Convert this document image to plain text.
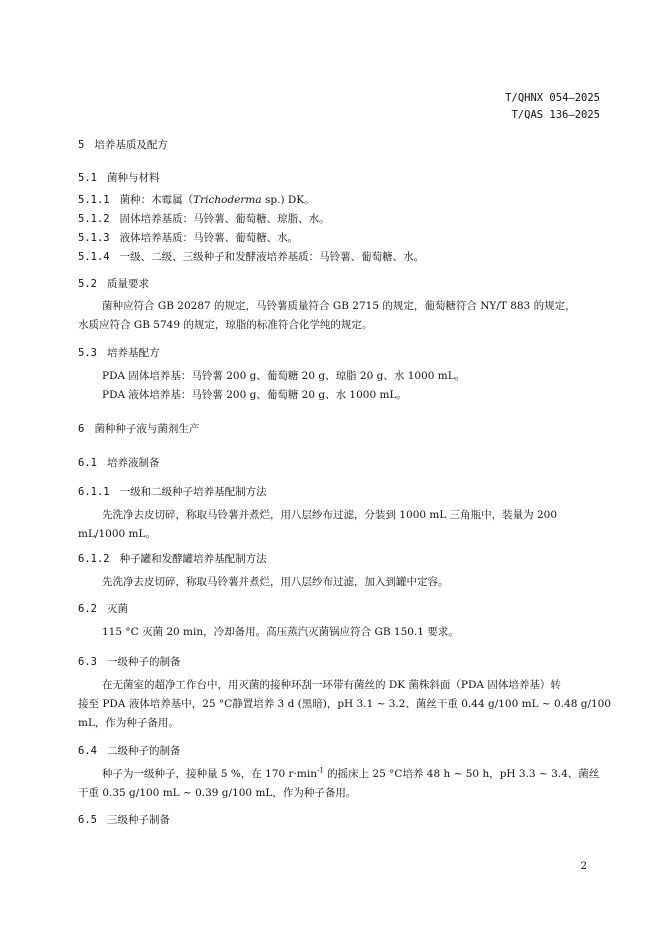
T/QHNX 054—2025
T/QAS 136—2025
5 培养基质及配方
5.1 菌种与材料
5.1.1 菌种：木霉属（Trichoderma sp.) DK。
5.1.2 固体培养基质：马铃薯、葡萄糖、琼脂、水。
5.1.3 液体培养基质：马铃薯、葡萄糖、水。
5.1.4 一级、二级、三级种子和发酵液培养基质：马铃薯、葡萄糖、水。
5.2 质量要求
菌种应符合 GB 20287 的规定，马铃薯质量符合 GB 2715 的规定，葡萄糖符合 NY/T 883 的规定，
水质应符合 GB 5749 的规定，琼脂的标准符合化学纯的规定。
5.3 培养基配方
PDA 固体培养基：马铃薯 200 g、葡萄糖 20 g、琼脂 20 g、水 1000 mL。
PDA 液体培养基：马铃薯 200 g、葡萄糖 20 g、水 1000 mL。
6 菌种种子液与菌剂生产
6.1 培养液制备
6.1.1 一级和二级种子培养基配制方法
先洗净去皮切碎，称取马铃薯并煮烂，用八层纱布过滤，分装到 1000 mL 三角瓶中，装量为 200
mL/1000 mL。
6.1.2 种子罐和发酵罐培养基配制方法
先洗净去皮切碎，称取马铃薯并煮烂，用八层纱布过滤，加入到罐中定容。
6.2 灭菌
115 °C 灭菌 20 min，冷却备用。高压蒸汽灭菌锅应符合 GB 150.1 要求。
6.3 一级种子的制备
在无菌室的超净工作台中，用灭菌的接种环刮一环带有菌丝的 DK 菌株斜面（PDA 固体培养基）转
接至 PDA 液体培养基中，25 °C静置培养 3 d (黑暗)，pH 3.1 ~ 3.2、菌丝干重 0.44 g/100 mL ~ 0.48 g/100
mL，作为种子备用。
6.4 二级种子的制备
种子为一级种子，接种量 5 %，在 170 $r\cdot\min^{-1}$ 的摇床上 25 °C培养 48 h ~ 50 h，pH 3.3 ~ 3.4、菌丝
干重 0.35 g/100 mL ~ 0.39 g/100 mL，作为种子备用。
6.5 三级种子制备
2
